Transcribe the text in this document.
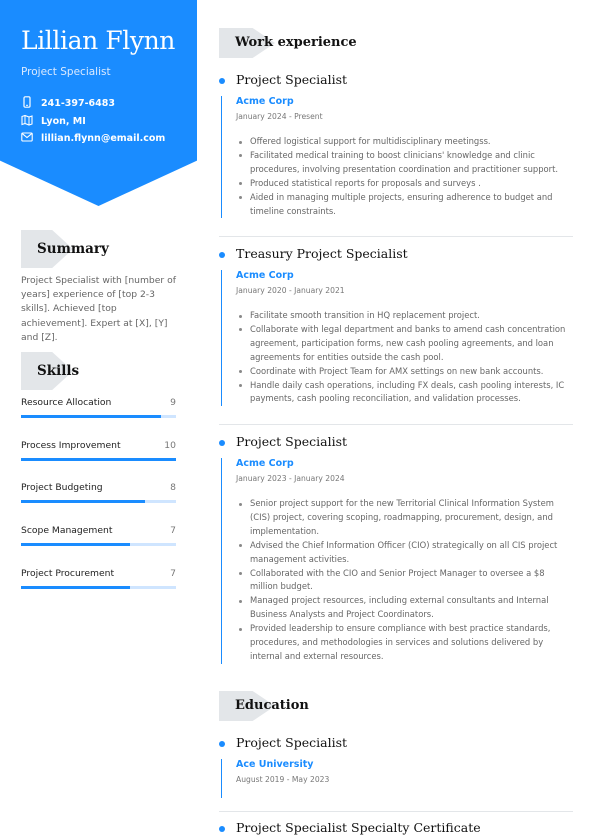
Lillian Flynn
Project Specialist
241-397-6483
Lyon, MI
lillian.flynn@email.com
Summary
Project Specialist with [number of years] experience of [top 2-3 skills]. Achieved [top achievement]. Expert at [X], [Y] and [Z].
Skills
Resource Allocation	9
Process Improvement	10
Project Budgeting	8
Scope Management	7
Project Procurement	7
Work experience
Project Specialist
Acme Corp
January 2024 - Present
Offered logistical support for multidisciplinary meetingss.
Facilitated medical training to boost clinicians' knowledge and clinic procedures, involving presentation coordination and practitioner support.
Produced statistical reports for proposals and surveys .
Aided in managing multiple projects, ensuring adherence to budget and timeline constraints.
Treasury Project Specialist
Acme Corp
January 2020 - January 2021
Facilitate smooth transition in HQ replacement project.
Collaborate with legal department and banks to amend cash concentration agreement, participation forms, new cash pooling agreements, and loan agreements for entities outside the cash pool.
Coordinate with Project Team for AMX settings on new bank accounts.
Handle daily cash operations, including FX deals, cash pooling interests, IC payments, cash pooling reconciliation, and validation processes.
Project Specialist
Acme Corp
January 2023 - January 2024
Senior project support for the new Territorial Clinical Information System (CIS) project, covering scoping, roadmapping, procurement, design, and implementation.
Advised the Chief Information Officer (CIO) strategically on all CIS project management activities.
Collaborated with the CIO and Senior Project Manager to oversee a $8 million budget.
Managed project resources, including external consultants and Internal Business Analysts and Project Coordinators.
Provided leadership to ensure compliance with best practice standards, procedures, and methodologies in services and solutions delivered by internal and external resources.
Education
Project Specialist
Ace University
August 2019 - May 2023
Project Specialist Specialty Certificate
